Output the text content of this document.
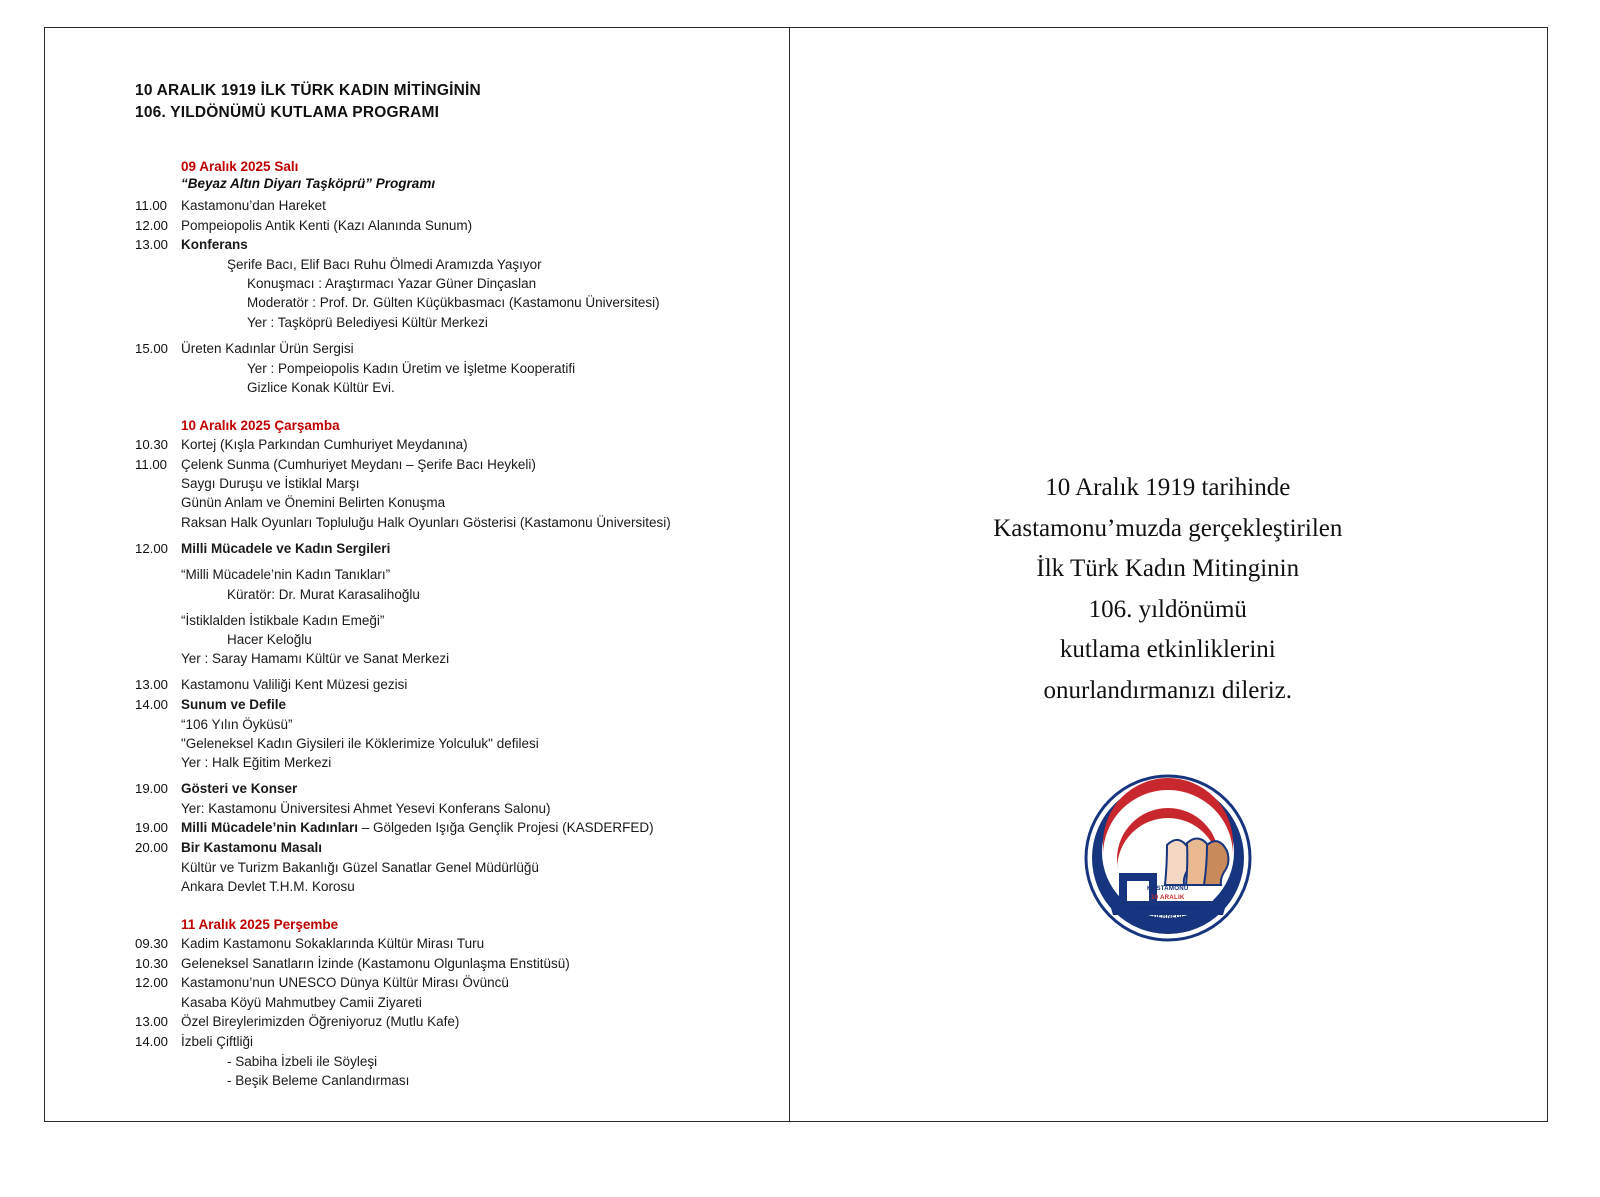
10 ARALIK 1919 İLK TÜRK KADIN MİTİNGİNİN
106. YILDÖNÜMÜ KUTLAMA PROGRAMI
09 Aralık 2025 Salı
“Beyaz Altın Diyarı Taşköprü” Programı
11.00	Kastamonu’dan Hareket
12.00 Pompeiopolis Antik Kenti (Kazı Alanında Sunum)
13.00 Konferans
Şerife Bacı, Elif Bacı Ruhu Ölmedi Aramızda Yaşıyor
Konuşmacı : Araştırmacı Yazar Güner Dinçaslan
Moderatör : Prof. Dr. Gülten Küçükbasmacı (Kastamonu Üniversitesi)
Yer : Taşköprü Belediyesi Kültür Merkezi
15.00 Üreten Kadınlar Ürün Sergisi
Yer : Pompeiopolis Kadın Üretim ve İşletme Kooperatifi
Gizlice Konak Kültür Evi.
10 Aralık 2025 Çarşamba
10.30 Kortej (Kışla Parkından Cumhuriyet Meydanına)
11.00	Çelenk Sunma (Cumhuriyet Meydanı – Şerife Bacı Heykeli)
Saygı Duruşu ve İstiklal Marşı
Günün Anlam ve Önemini Belirten Konuşma
Raksan Halk Oyunları Topluluğu Halk Oyunları Gösterisi (Kastamonu Üniversitesi)
12.00 Milli Mücadele ve Kadın Sergileri
“Milli Mücadele’nin Kadın Tanıkları”
Küratör: Dr. Murat Karasalihoğlu
“İstiklalden İstikbale Kadın Emeği”
Hacer Keloğlu
Yer : Saray Hamamı Kültür ve Sanat Merkezi
13.00 Kastamonu Valiliği Kent Müzesi gezisi
14.00 Sunum ve Defile
“106 Yılın Öyküsü”
"Geleneksel Kadın Giysileri ile Köklerimize Yolculuk" defilesi
Yer : Halk Eğitim Merkezi
19.00 Gösteri ve Konser
Yer: Kastamonu Üniversitesi Ahmet Yesevi Konferans Salonu)
19.00 Milli Mücadele’nin Kadınları – Gölgeden Işığa Gençlik Projesi (KASDERFED)
20.00 Bir Kastamonu Masalı
Kültür ve Turizm Bakanlığı Güzel Sanatlar Genel Müdürlüğü
Ankara Devlet T.H.M. Korosu
11 Aralık 2025 Perşembe
09.30 Kadim Kastamonu Sokaklarında Kültür Mirası Turu
10.30 Geleneksel Sanatların İzinde (Kastamonu Olgunlaşma Enstitüsü)
12.00 Kastamonu’nun UNESCO Dünya Kültür Mirası Övüncü
Kasaba Köyü Mahmutbey Camii Ziyareti
13.00 Özel Bireylerimizden Öğreniyoruz (Mutlu Kafe)
14.00 İzbeli Çiftliği
- Sabiha İzbeli ile Söyleşi
- Beşik Beleme Canlandırması
10 Aralık 1919 tarihinde
Kastamonu’muzda gerçekleştirilen
İlk Türk Kadın Mitinginin
106. yıldönümü
kutlama etkinliklerini
onurlandırmanızı dileriz.
KASTAMONU
10 ARALIK
KADIN PLATFORMU
DERNEĞİ
